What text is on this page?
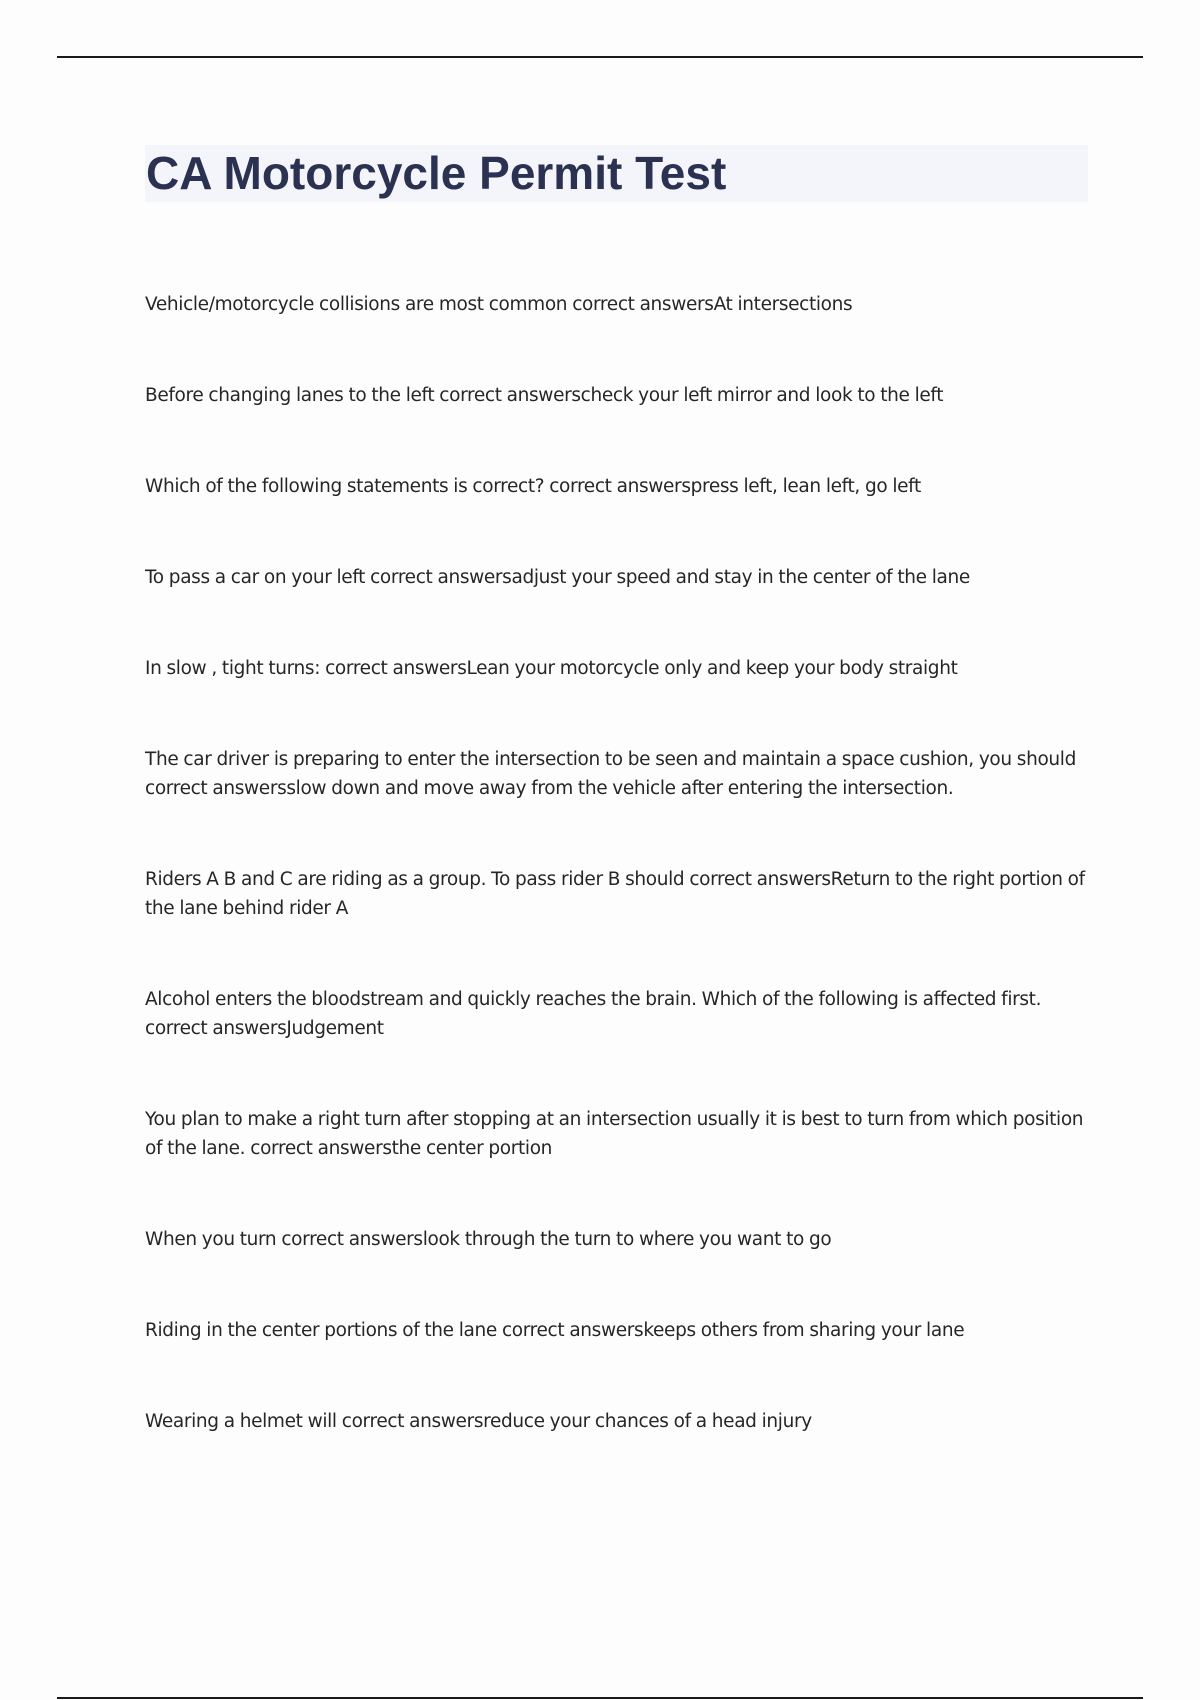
CA Motorcycle Permit Test
Vehicle/motorcycle collisions are most common correct answersAt intersections
Before changing lanes to the left correct answerscheck your left mirror and look to the left
Which of the following statements is correct? correct answerspress left, lean left, go left
To pass a car on your left correct answersadjust your speed and stay in the center of the lane
In slow , tight turns: correct answersLean your motorcycle only and keep your body straight
The car driver is preparing to enter the intersection to be seen and maintain a space cushion, you should correct answersslow down and move away from the vehicle after entering the intersection.
Riders A B and C are riding as a group. To pass rider B should correct answersReturn to the right portion of the lane behind rider A
Alcohol enters the bloodstream and quickly reaches the brain. Which of the following is affected first. correct answersJudgement
You plan to make a right turn after stopping at an intersection usually it is best to turn from which position of the lane. correct answersthe center portion
When you turn correct answerslook through the turn to where you want to go
Riding in the center portions of the lane correct answerskeeps others from sharing your lane
Wearing a helmet will correct answersreduce your chances of a head injury
